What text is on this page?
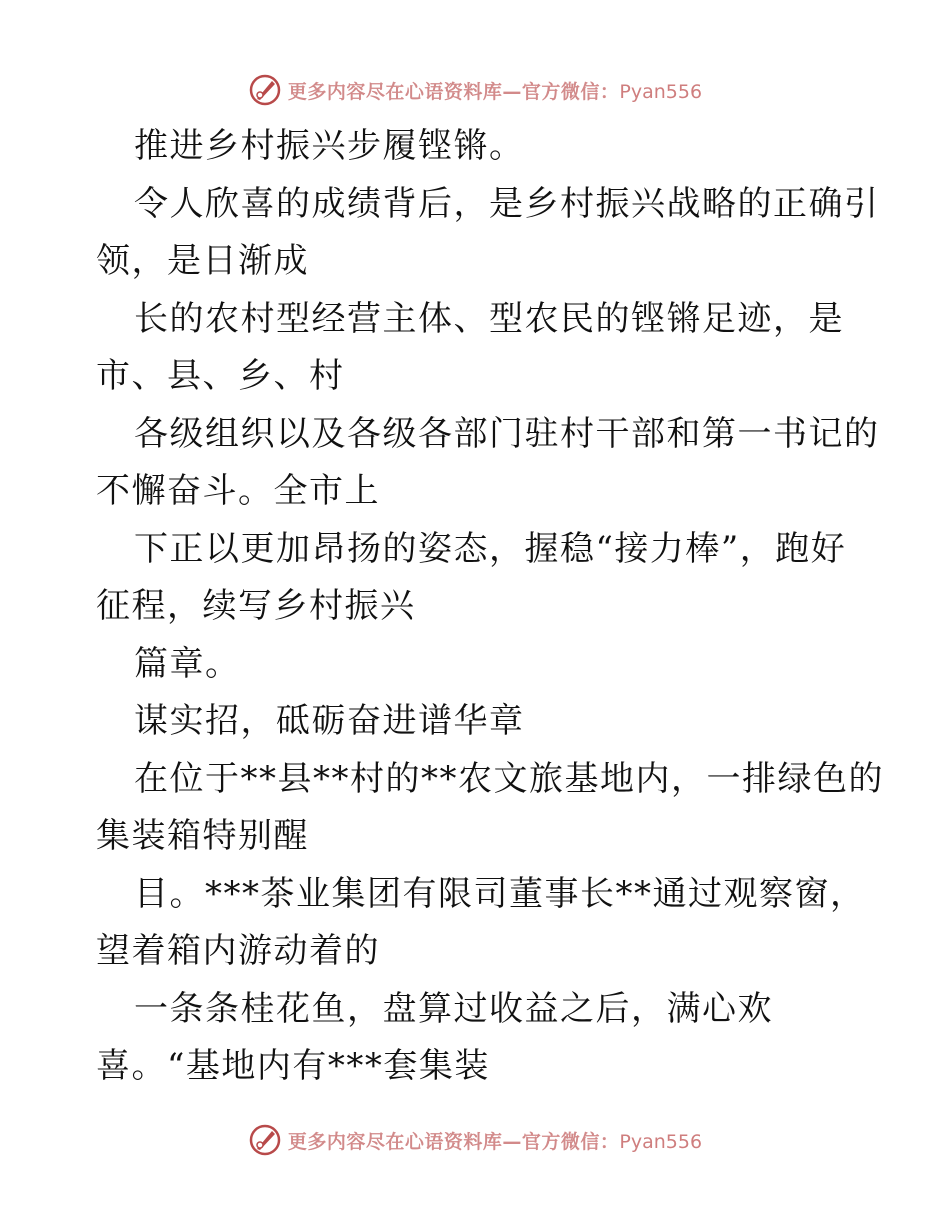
更多内容尽在心语资料库—官方微信：Pyan556
推进乡村振兴步履铿锵。
令人欣喜的成绩背后，是乡村振兴战略的正确引
领，是日渐成
长的农村型经营主体、型农民的铿锵足迹，是
市、县、乡、村
各级组织以及各级各部门驻村干部和第一书记的
不懈奋斗。全市上
下正以更加昂扬的姿态，握稳“接力棒”，跑好
征程，续写乡村振兴
篇章。
谋实招，砥砺奋进谱华章
在位于**县**村的**农文旅基地内，一排绿色的
集装箱特别醒
目。***茶业集团有限司董事长**通过观察窗，
望着箱内游动着的
一条条桂花鱼，盘算过收益之后，满心欢
喜。“基地内有***套集装
更多内容尽在心语资料库—官方微信：Pyan556
